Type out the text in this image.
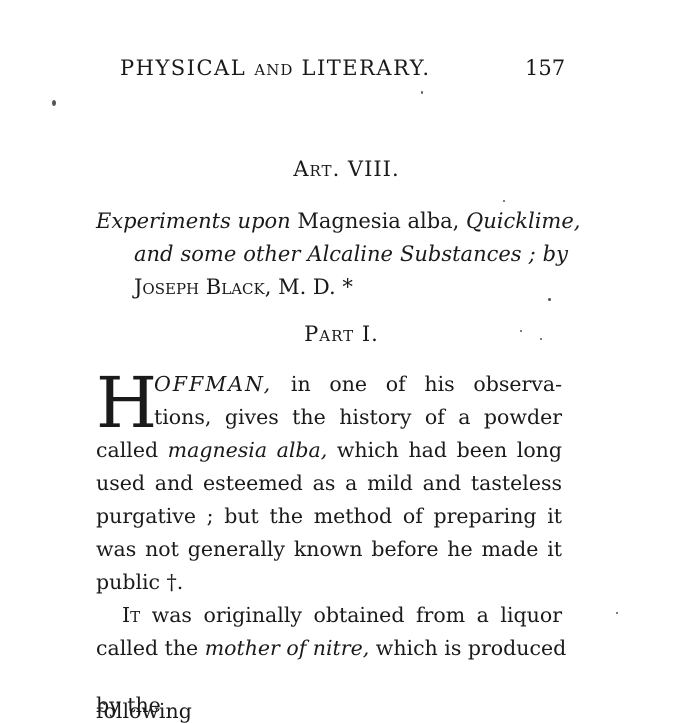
PHYSICAL AND LITERARY.	157
ART. VIII.
Experiments upon Magnesia alba, Quicklime,
and some other Alcaline Substances ; by
JOSEPH BLACK, M. D. *
PART I.
H
OFFMAN, in one of his observa-
tions, gives the history of a powder
called magnesia alba, which had been long
used and esteemed as a mild and tasteless
purgative ; but the method of preparing it
was not generally known before he made it
public †.
IT was originally obtained from a liquor
called the mother of nitre, which is produced
by the following
